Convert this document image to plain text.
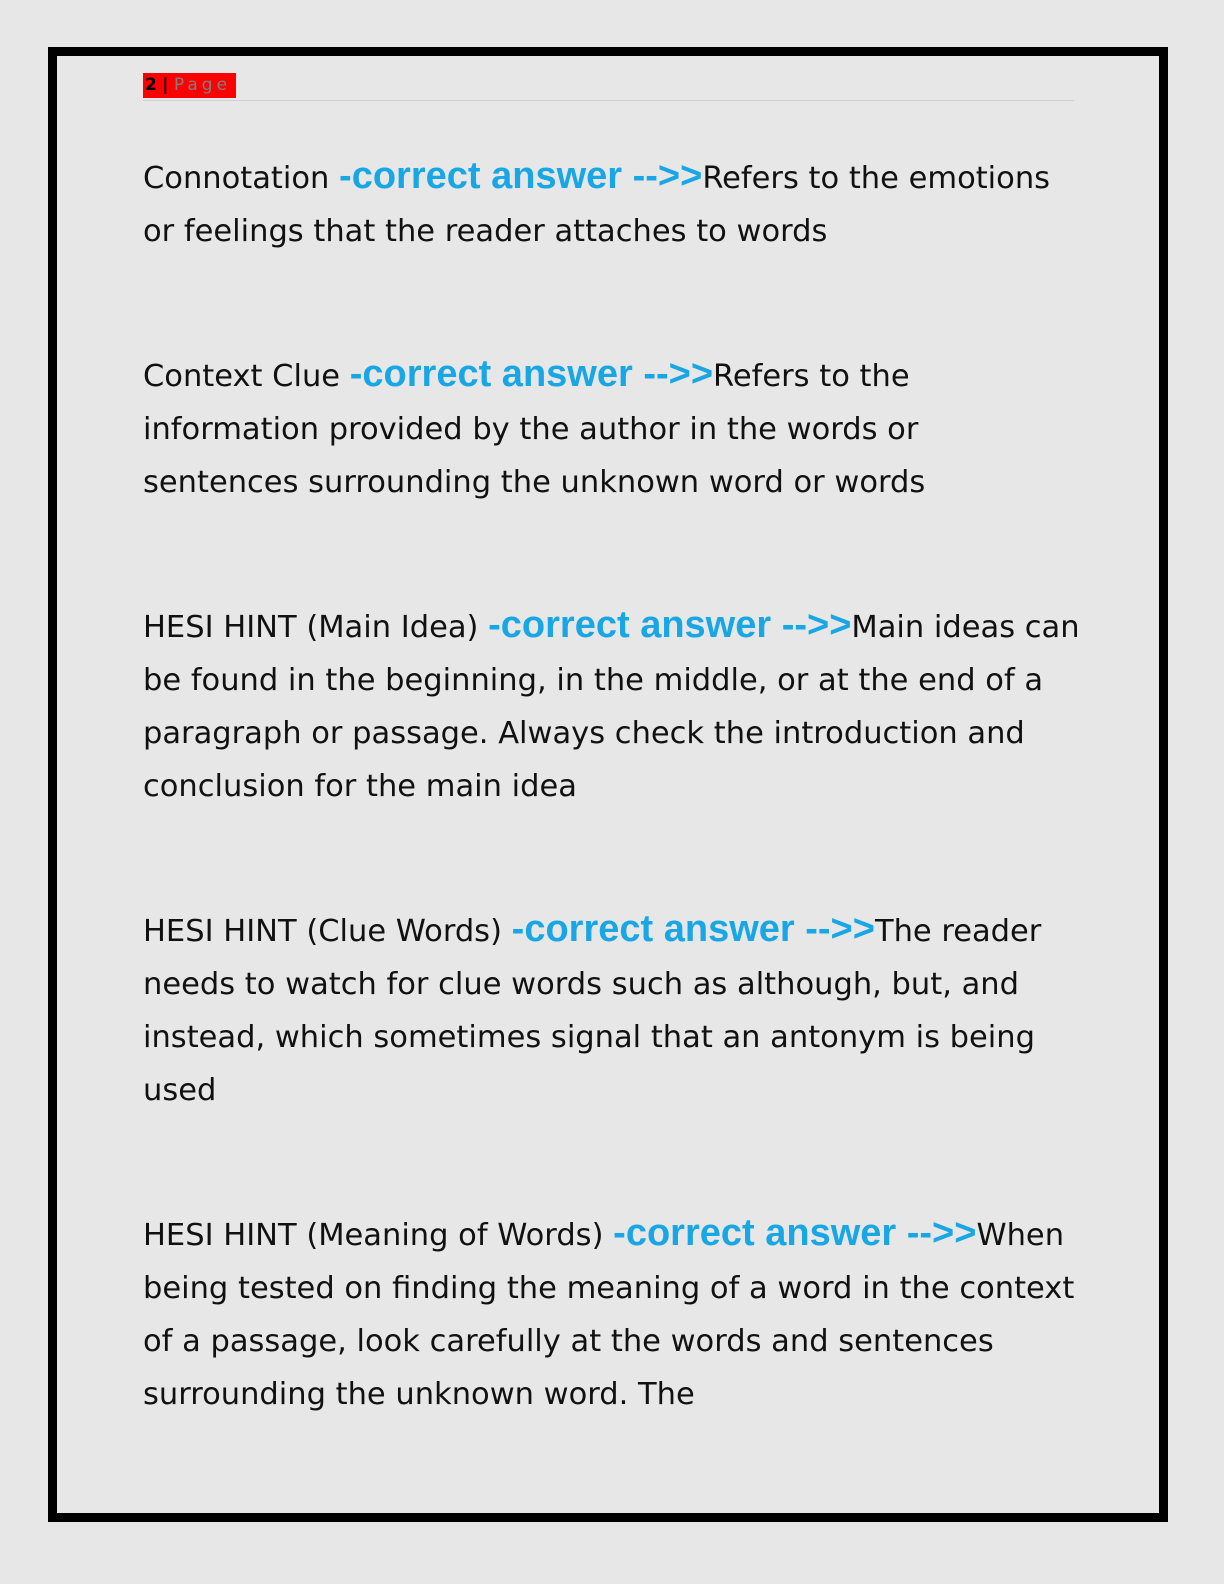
2 | Page

Connotation -correct answer -->>Refers to the emotions or feelings that the reader attaches to words

Context Clue -correct answer -->>Refers to the information provided by the author in the words or sentences surrounding the unknown word or words

HESI HINT (Main Idea) -correct answer -->>Main ideas can be found in the beginning, in the middle, or at the end of a paragraph or passage. Always check the introduction and conclusion for the main idea

HESI HINT (Clue Words) -correct answer -->>The reader needs to watch for clue words such as although, but, and instead, which sometimes signal that an antonym is being used

HESI HINT (Meaning of Words) -correct answer -->>When being tested on finding the meaning of a word in the context of a passage, look carefully at the words and sentences surrounding the unknown word. The
